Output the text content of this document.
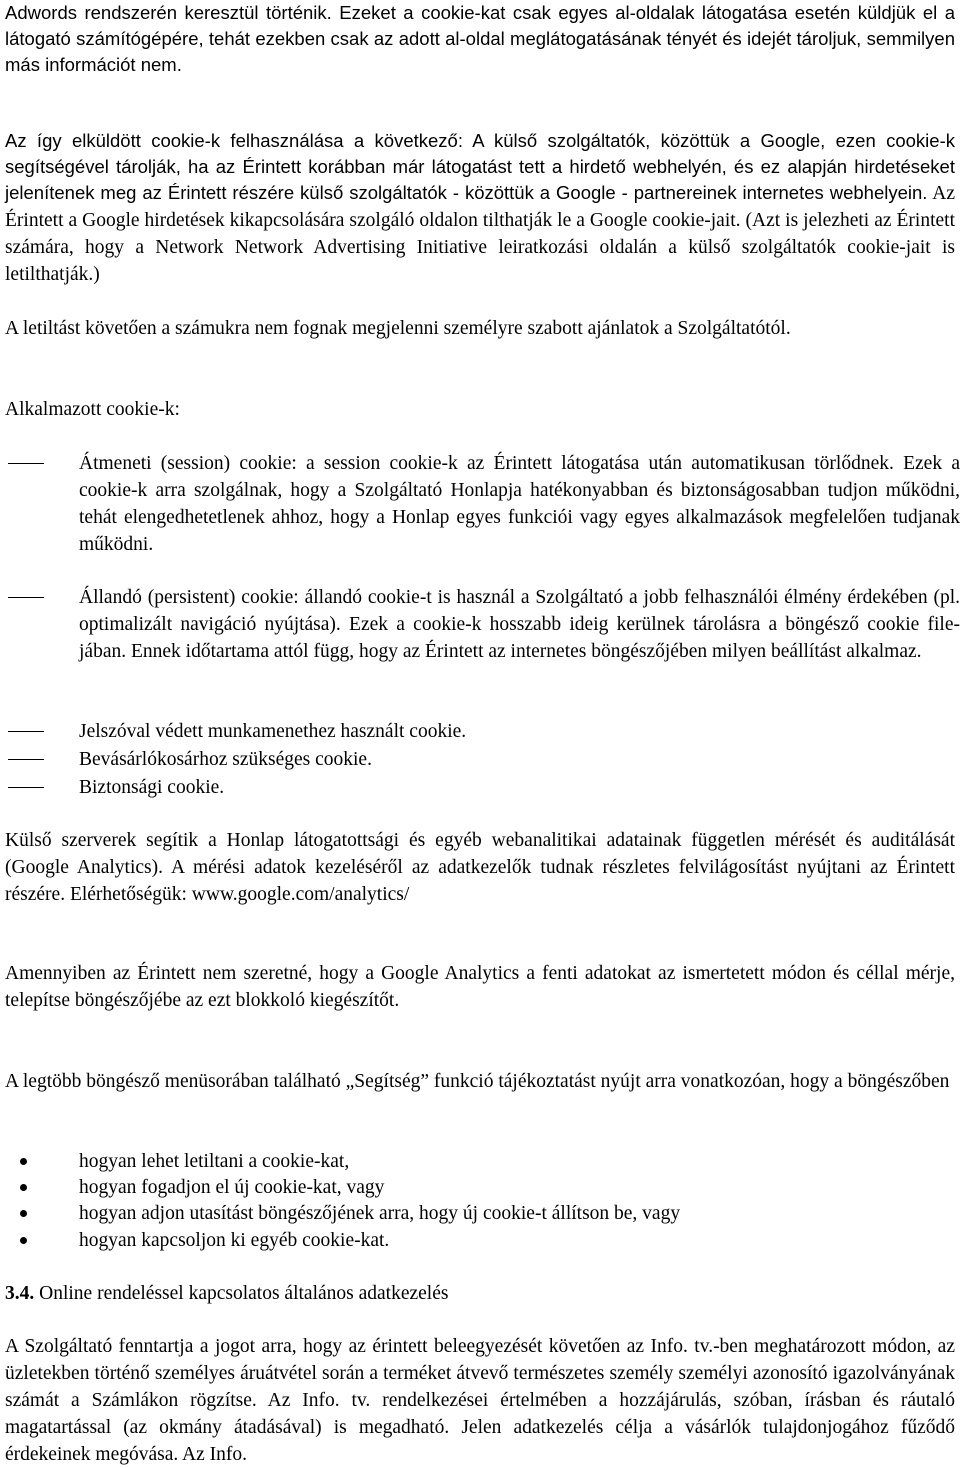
Adwords rendszerén keresztül történik. Ezeket a cookie-kat csak egyes al-oldalak látogatása esetén küldjük el a látogató számítógépére, tehát ezekben csak az adott al-oldal meglátogatásának tényét és idejét tároljuk, semmilyen más információt nem.

Az így elküldött cookie-k felhasználása a következő: A külső szolgáltatók, közöttük a Google, ezen cookie-k segítségével tárolják, ha az Érintett korábban már látogatást tett a hirdető webhelyén, és ez alapján hirdetéseket jelenítenek meg az Érintett részére külső szolgáltatók - közöttük a Google - partnereinek internetes webhelyein. Az Érintett a Google hirdetések kikapcsolására szolgáló oldalon tilthatják le a Google cookie-jait. (Azt is jelezheti az Érintett számára, hogy a Network Network Advertising Initiative leiratkozási oldalán a külső szolgáltatók cookie-jait is letilthatják.)

A letiltást követően a számukra nem fognak megjelenni személyre szabott ajánlatok a Szolgáltatótól.

Alkalmazott cookie-k:

Átmeneti (session) cookie: a session cookie-k az Érintett látogatása után automatikusan törlődnek. Ezek a cookie-k arra szolgálnak, hogy a Szolgáltató Honlapja hatékonyabban és biztonságosabban tudjon működni, tehát elengedhetetlenek ahhoz, hogy a Honlap egyes funkciói vagy egyes alkalmazások megfelelően tudjanak működni.

Állandó (persistent) cookie: állandó cookie-t is használ a Szolgáltató a jobb felhasználói élmény érdekében (pl. optimalizált navigáció nyújtása). Ezek a cookie-k hosszabb ideig kerülnek tárolásra a böngésző cookie file-jában. Ennek időtartama attól függ, hogy az Érintett az internetes böngészőjében milyen beállítást alkalmaz.

Jelszóval védett munkamenethez használt cookie.

Bevásárlókosárhoz szükséges cookie.

Biztonsági cookie.

Külső szerverek segítik a Honlap látogatottsági és egyéb webanalitikai adatainak független mérését és auditálását (Google Analytics). A mérési adatok kezeléséről az adatkezelők tudnak részletes felvilágosítást nyújtani az Érintett részére. Elérhetőségük: www.google.com/analytics/

Amennyiben az Érintett nem szeretné, hogy a Google Analytics a fenti adatokat az ismertetett módon és céllal mérje, telepítse böngészőjébe az ezt blokkoló kiegészítőt.

A legtöbb böngésző menüsorában található „Segítség” funkció tájékoztatást nyújt arra vonatkozóan, hogy a böngészőben

hogyan lehet letiltani a cookie-kat,

hogyan fogadjon el új cookie-kat, vagy

hogyan adjon utasítást böngészőjének arra, hogy új cookie-t állítson be, vagy

hogyan kapcsoljon ki egyéb cookie-kat.

3.4. Online rendeléssel kapcsolatos általános adatkezelés

A Szolgáltató fenntartja a jogot arra, hogy az érintett beleegyezését követően az Info. tv.-ben meghatározott módon, az üzletekben történő személyes áruátvétel során a terméket átvevő természetes személy személyi azonosító igazolványának számát a Számlákon rögzítse. Az Info. tv. rendelkezései értelmében a hozzájárulás, szóban, írásban és ráutaló magatartással (az okmány átadásával) is megadható. Jelen adatkezelés célja a vásárlók tulajdonjogához fűződő érdekeinek megóvása. Az Info.
